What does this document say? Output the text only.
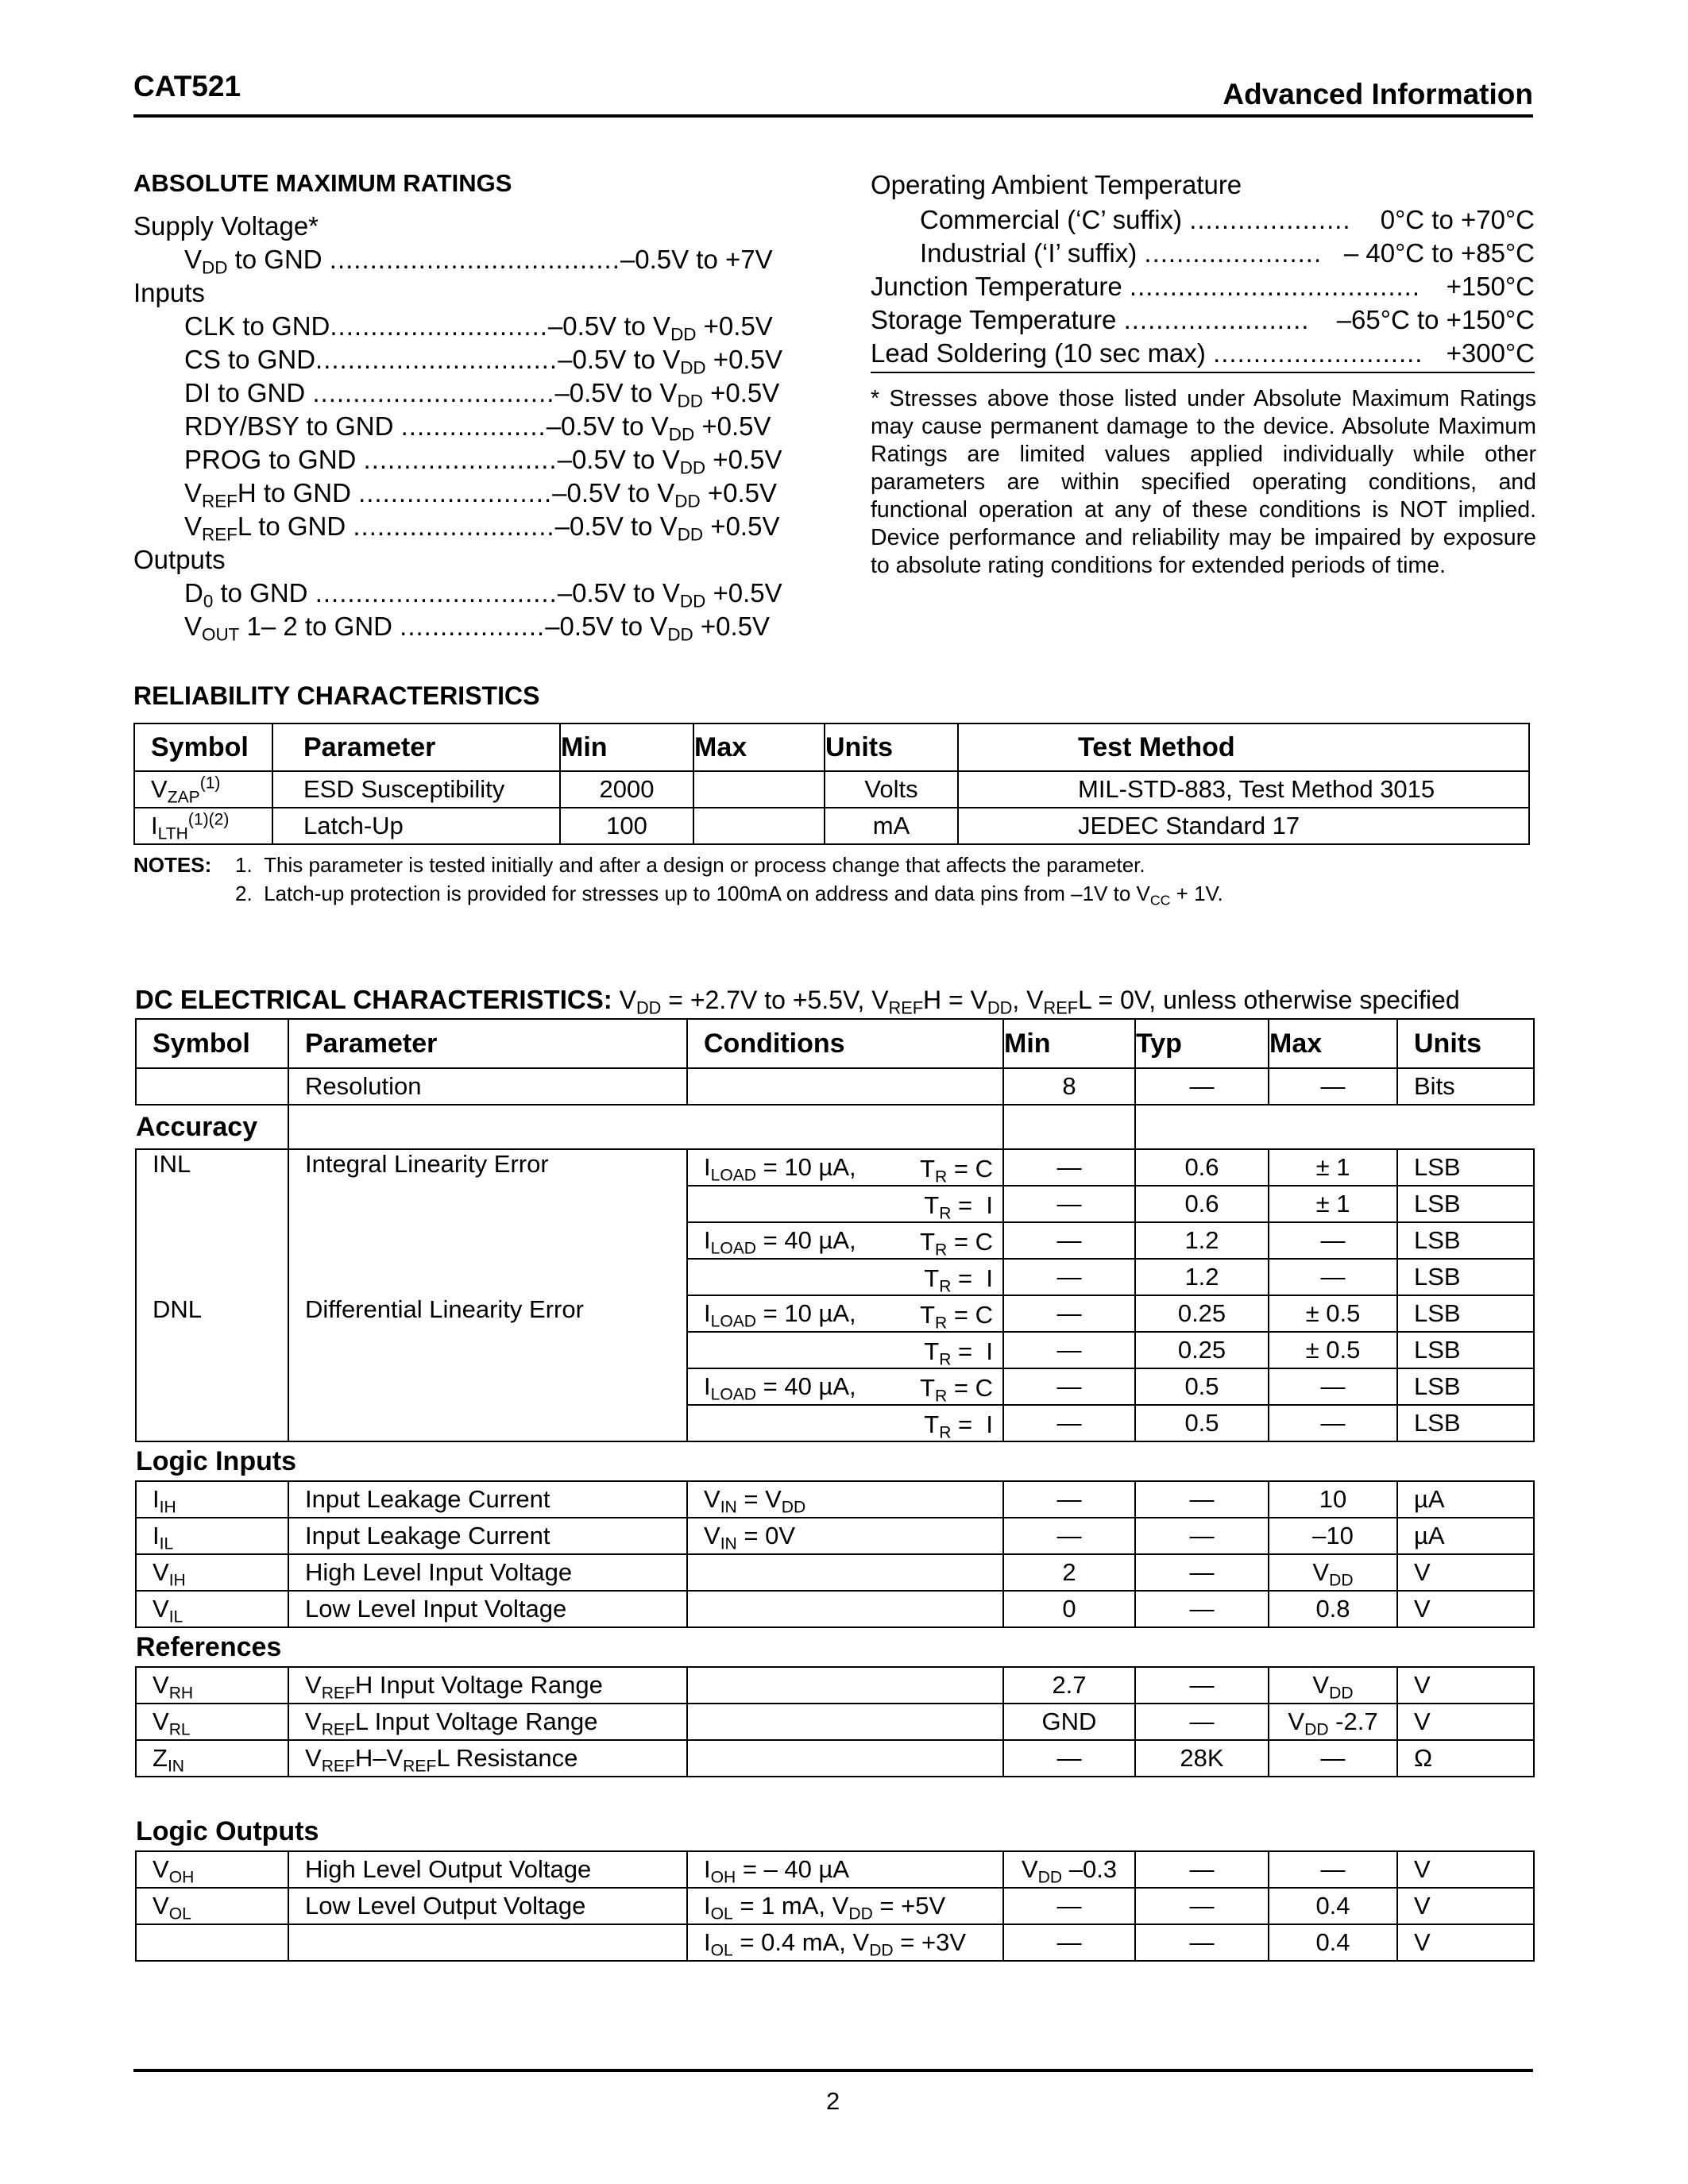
CAT521	Advanced Information
ABSOLUTE MAXIMUM RATINGS
Supply Voltage*
$V_{DD}$ to GND ....................................–0.5V to +7V
Inputs
CLK to GND...........................–0.5V to $V_{DD} +0.5V$
CS to GND..............................–0.5V to $V_{DD} +0.5V$
DI to GND ..............................–0.5V to $V_{DD} +0.5V$
RDY/BSY to GND ..................–0.5V to $V_{DD} +0.5V$
PROG to GND ........................–0.5V to $V_{DD} +0.5V$
$V_{REF}H$ to GND ........................–0.5V to $V_{DD} +0.5V$
$V_{REF}L$ to GND .........................–0.5V to $V_{DD} +0.5V$
Outputs
$D_0$ to GND ..............................–0.5V to $V_{DD} +0.5V$
$V_{OUT}$ 1– 2 to GND ..................–0.5V to $V_{DD} +0.5V$
Operating Ambient Temperature
Commercial (‘C’ suffix) .................... 0°C to +70°C
Industrial (‘I’ suffix) ...................... – 40°C to +85°C
Junction Temperature .................................... +150°C
Storage Temperature ....................... –65°C to +150°C
Lead Soldering (10 sec max) .......................... +300°C
* Stresses above those listed under Absolute Maximum Ratings may cause permanent damage to the device. Absolute Maximum Ratings are limited values applied individually while other parameters are within specified operating conditions, and functional operation at any of these conditions is NOT implied. Device performance and reliability may be impaired by exposure to absolute rating conditions for extended periods of time.
RELIABILITY CHARACTERISTICS
Symbol	Parameter	Min	Max	Units	Test Method
$V_{ZAP}^{(1)}$	ESD Susceptibility	2000		Volts	MIL-STD-883, Test Method 3015
$I_{LTH}^{(1)(2)}$	Latch-Up	100		mA	JEDEC Standard 17
NOTES: 1.  This parameter is tested initially and after a design or process change that affects the parameter.
2.  Latch-up protection is provided for stresses up to 100mA on address and data pins from –1V to $V_{CC} + 1V$.
DC ELECTRICAL CHARACTERISTICS: $V_{DD} = +2.7V$ to +5.5V, $V_{REF}H = V_{DD}$, $V_{REF}L = 0V$, unless otherwise specified
Symbol	Parameter	Conditions	Min	Typ	Max	Units
	Resolution		8	—	—	Bits
Accuracy						
INL	Integral Linearity Error	$I_{LOAD} = 10$ µA, $T_R = C$	—	0.6	± 1	LSB

		$T_R = I$	—	0.6	± 1	LSB
		$I_{LOAD} = 40$ µA, $T_R = C$	—	1.2	—	LSB

		$T_R = I$	—	1.2	—	LSB
DNL	Differential Linearity Error	$I_{LOAD} = 10$ µA, $T_R = C$	—	0.25	± 0.5	LSB

		$T_R = I$	—	0.25	± 0.5	LSB
		$I_{LOAD} = 40$ µA, $T_R = C$	—	0.5	—	LSB

		$T_R = I$	—	0.5	—	LSB
Logic Inputs						
$I_{IH}$	Input Leakage Current	$V_{IN} = V_{DD}$	—	—	10	µA
$I_{IL}$	Input Leakage Current	$V_{IN} = 0V$	—	—	–10	µA
$V_{IH}$	High Level Input Voltage		2	—	$V_{DD}$	V
$V_{IL}$	Low Level Input Voltage		0	—	0.8	V
References						
$V_{RH}$	$V_{REF}H$ Input Voltage Range		2.7	—	$V_{DD}$	V
$V_{RL}$	$V_{REF}L$ Input Voltage Range		GND	—	$V_{DD}$ -2.7	V
$Z_{IN}$	$V_{REF}H-V_{REF}L$ Resistance		—	28K	—	Ω
Logic Outputs						
$V_{OH}$	High Level Output Voltage	$I_{OH}$ = – 40 µA	$V_{DD}$ –0.3	—	—	V
$V_{OL}$	Low Level Output Voltage	$I_{OL} = 1$ mA, $V_{DD} = +5V$	—	—	0.4	V
		$I_{OL} = 0.4$ mA, $V_{DD} = +3V$	—	—	0.4	V
2
